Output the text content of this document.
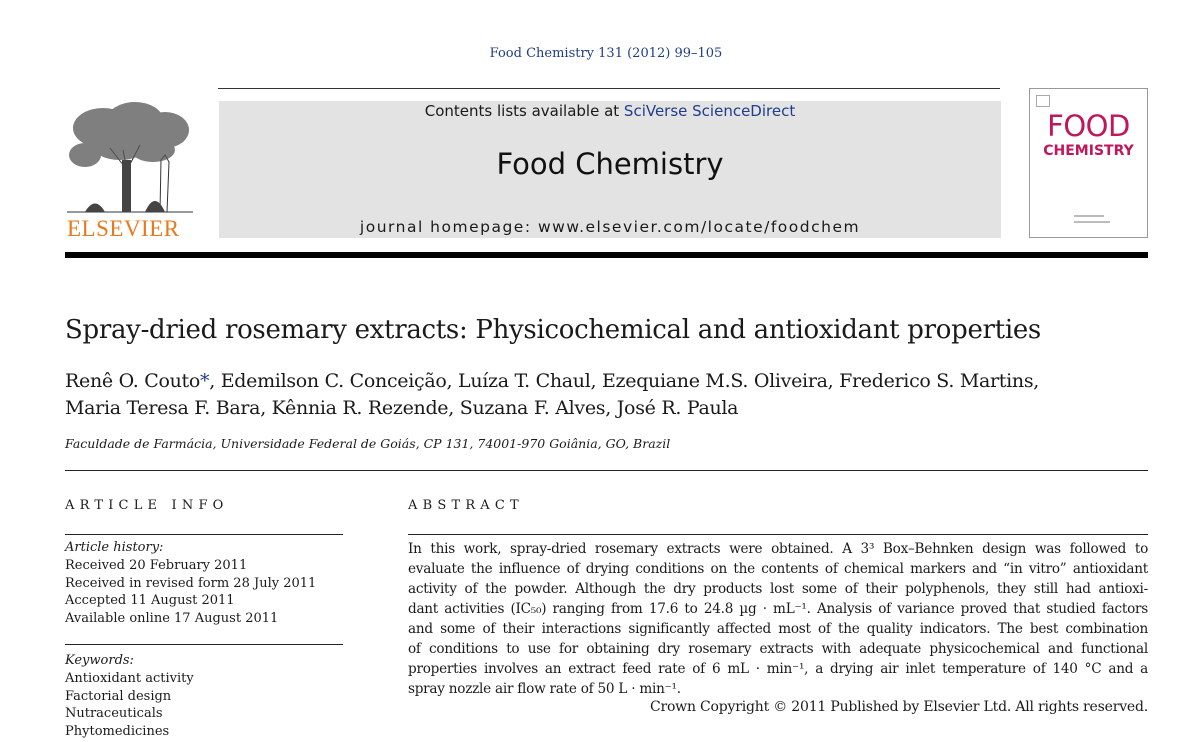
Food Chemistry 131 (2012) 99–105
ELSEVIER
Contents lists available at SciVerse ScienceDirect
Food Chemistry
journal homepage: www.elsevier.com/locate/foodchem
FOOD
CHEMISTRY
Spray-dried rosemary extracts: Physicochemical and antioxidant properties
Renê O. Couto*, Edemilson C. Conceição, Luíza T. Chaul, Ezequiane M.S. Oliveira, Frederico S. Martins,
Maria Teresa F. Bara, Kênnia R. Rezende, Suzana F. Alves, José R. Paula
Faculdade de Farmácia, Universidade Federal de Goiás, CP 131, 74001-970 Goiânia, GO, Brazil
ARTICLE INFO
Article history:
Received 20 February 2011
Received in revised form 28 July 2011
Accepted 11 August 2011
Available online 17 August 2011
Keywords:
Antioxidant activity
Factorial design
Nutraceuticals
Phytomedicines
ABSTRACT
In this work, spray-dried rosemary extracts were obtained. A 3³ Box–Behnken design was followed to
evaluate the influence of drying conditions on the contents of chemical markers and “in vitro” antioxidant
activity of the powder. Although the dry products lost some of their polyphenols, they still had antioxi-
dant activities (IC₅₀) ranging from 17.6 to 24.8 µg · mL⁻¹. Analysis of variance proved that studied factors
and some of their interactions significantly affected most of the quality indicators. The best combination
of conditions to use for obtaining dry rosemary extracts with adequate physicochemical and functional
properties involves an extract feed rate of 6 mL · min⁻¹, a drying air inlet temperature of 140 °C and a
spray nozzle air flow rate of 50 L · min⁻¹.
Crown Copyright © 2011 Published by Elsevier Ltd. All rights reserved.
